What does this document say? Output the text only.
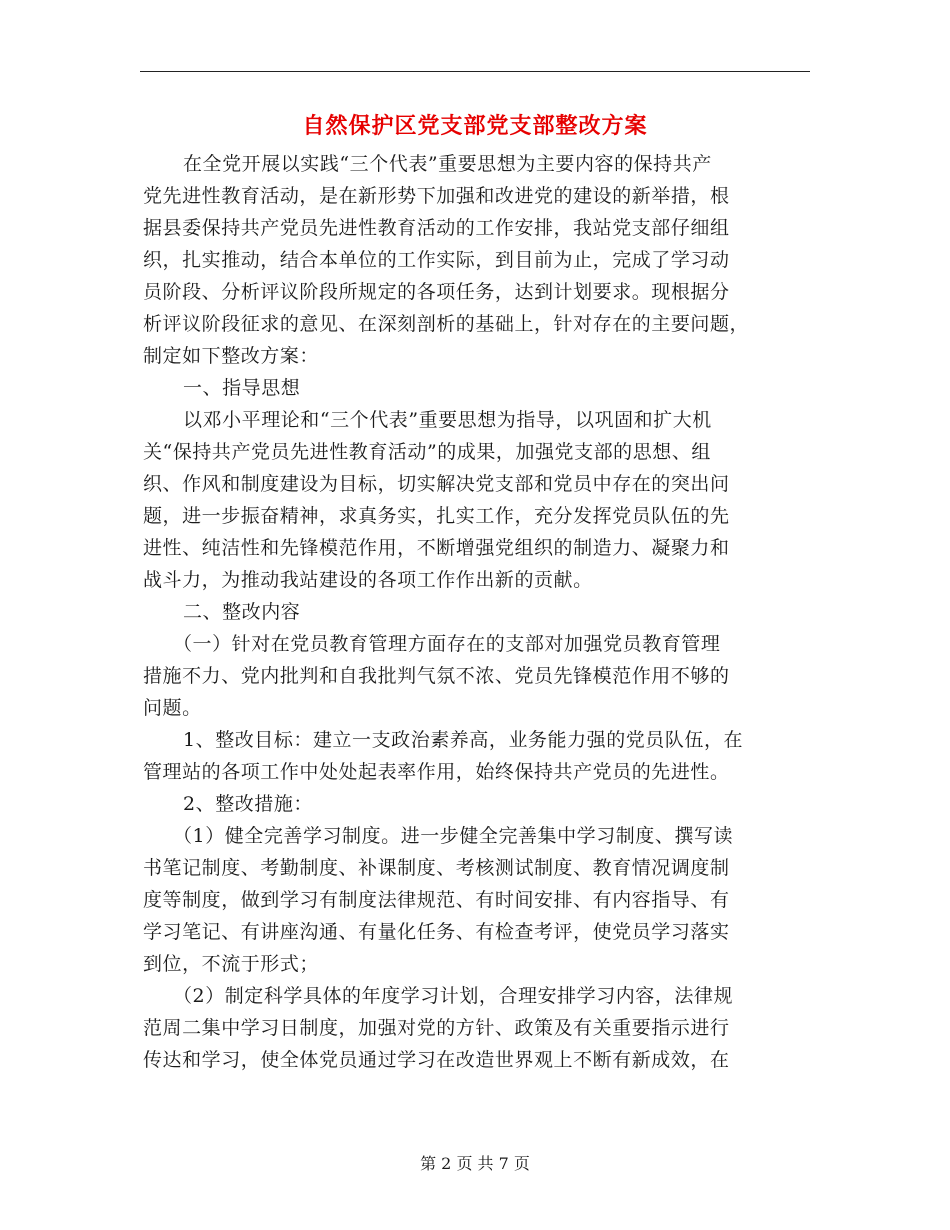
自然保护区党支部党支部整改方案
在全党开展以实践“三个代表”重要思想为主要内容的保持共产
党先进性教育活动，是在新形势下加强和改进党的建设的新举措，根
据县委保持共产党员先进性教育活动的工作安排，我站党支部仔细组
织，扎实推动，结合本单位的工作实际，到目前为止，完成了学习动
员阶段、分析评议阶段所规定的各项任务，达到计划要求。现根据分
析评议阶段征求的意见、在深刻剖析的基础上，针对存在的主要问题，
制定如下整改方案：
一、指导思想
以邓小平理论和“三个代表”重要思想为指导，以巩固和扩大机
关“保持共产党员先进性教育活动”的成果，加强党支部的思想、组
织、作风和制度建设为目标，切实解决党支部和党员中存在的突出问
题，进一步振奋精神，求真务实，扎实工作，充分发挥党员队伍的先
进性、纯洁性和先锋模范作用，不断增强党组织的制造力、凝聚力和
战斗力，为推动我站建设的各项工作作出新的贡献。
二、整改内容
（一）针对在党员教育管理方面存在的支部对加强党员教育管理
措施不力、党内批判和自我批判气氛不浓、党员先锋模范作用不够的
问题。
1、整改目标：建立一支政治素养高，业务能力强的党员队伍，在
管理站的各项工作中处处起表率作用，始终保持共产党员的先进性。
2、整改措施：
（1）健全完善学习制度。进一步健全完善集中学习制度、撰写读
书笔记制度、考勤制度、补课制度、考核测试制度、教育情况调度制
度等制度，做到学习有制度法律规范、有时间安排、有内容指导、有
学习笔记、有讲座沟通、有量化任务、有检查考评，使党员学习落实
到位，不流于形式；
（2）制定科学具体的年度学习计划，合理安排学习内容，法律规
范周二集中学习日制度，加强对党的方针、政策及有关重要指示进行
传达和学习，使全体党员通过学习在改造世界观上不断有新成效，在
第 2 页 共 7 页
